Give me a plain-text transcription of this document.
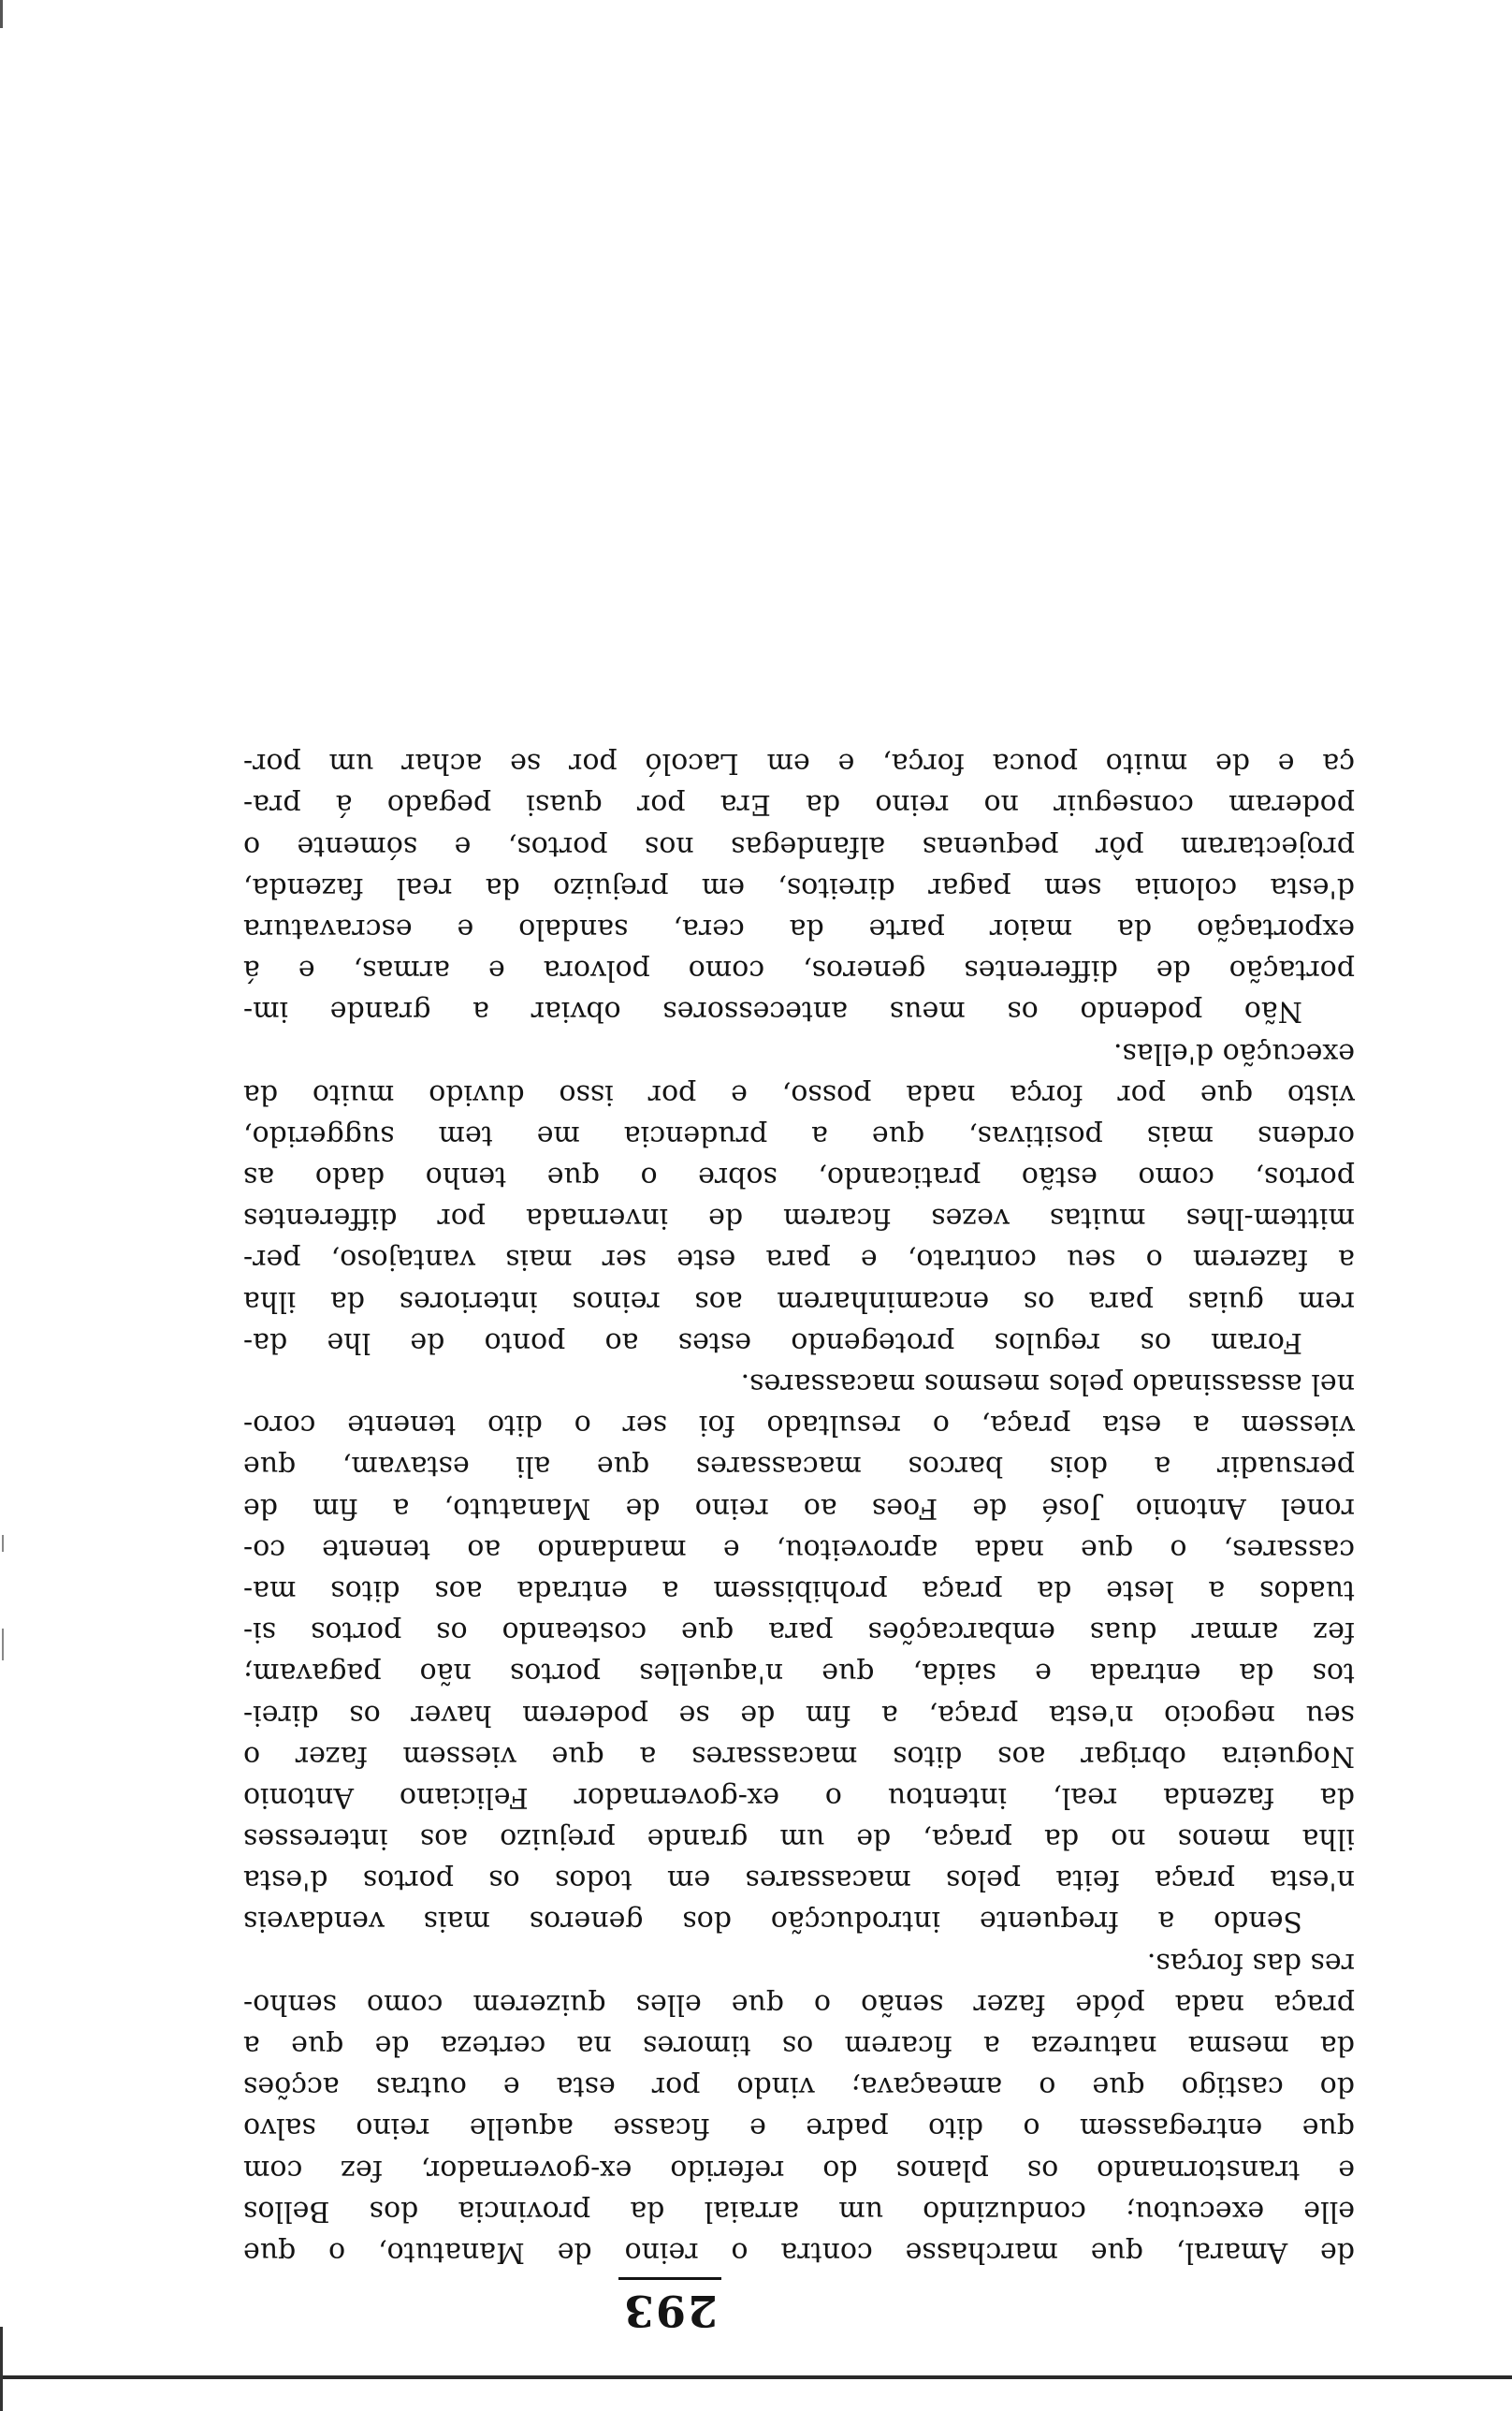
293
de Amaral, que marchasse contra o reino de Manatuto, o que
elle executou; conduzindo um arraial da provincia dos Bellos
e transtornando os planos do referido ex-governador, fez com
que entregassem o dito padre e ficasse aquelle reino salvo
do castigo que o ameaçava; vindo por esta e outras acções
da mesma natureza a ficarem os timores na certeza de que a
praça nada póde fazer senão o que elles quizerem como senho-
res das forças.
Sendo a frequente introducção dos generos mais vendaveis
n'esta praça feita pelos macassares em todos os portos d'esta
ilha menos no da praça, de um grande prejuizo aos interesses
da fazenda real, intentou o ex-governador Feliciano Antonio
Nogueira obrigar aos ditos macassares a que viessem fazer o
seu negocio n'esta praça, a fim de se poderem haver os direi-
tos da entrada e saida, que n'aquelles portos não pagavam;
fez armar duas embarcações para que costeando os portos si-
tuados a leste da praça prohibissem a entrada aos ditos ma-
cassares, o que nada aproveitou, e mandando ao tenente co-
ronel Antonio José de Foes ao reino de Manatuto, a fim de
persuadir a dois barcos macassares que ali estavam, que
viessem a esta praça, o resultado foi ser o dito tenente coro-
nel assassinado pelos mesmos macassares.
Foram os regulos protegendo estes ao ponto de lhe da-
rem guias para os encaminharem aos reinos interiores da ilha
a fazerem o seu contrato, e para este ser mais vantajoso, per-
mittem-lhes muitas vezes ficarem de invernada por differentes
portos, como estão praticando, sobre o que tenho dado as
ordens mais positivas, que a prudencia me tem suggerido,
visto que por força nada posso, e por isso duvido muito da
execução d'ellas.
Não podendo os meus antecessores obviar a grande im-
portação de differentes generos, como polvora e armas, e á
exportação da maior parte da cera, sandalo e escravatura
d'esta colonia sem pagar direitos, em prejuizo da real fazenda,
projectaram pôr pequenas alfandegas nos portos, e sómente o
poderam conseguir no reino da Era por quasi pegado á pra-
ça e de muito pouca força, e em Lacoló por se achar um por-
